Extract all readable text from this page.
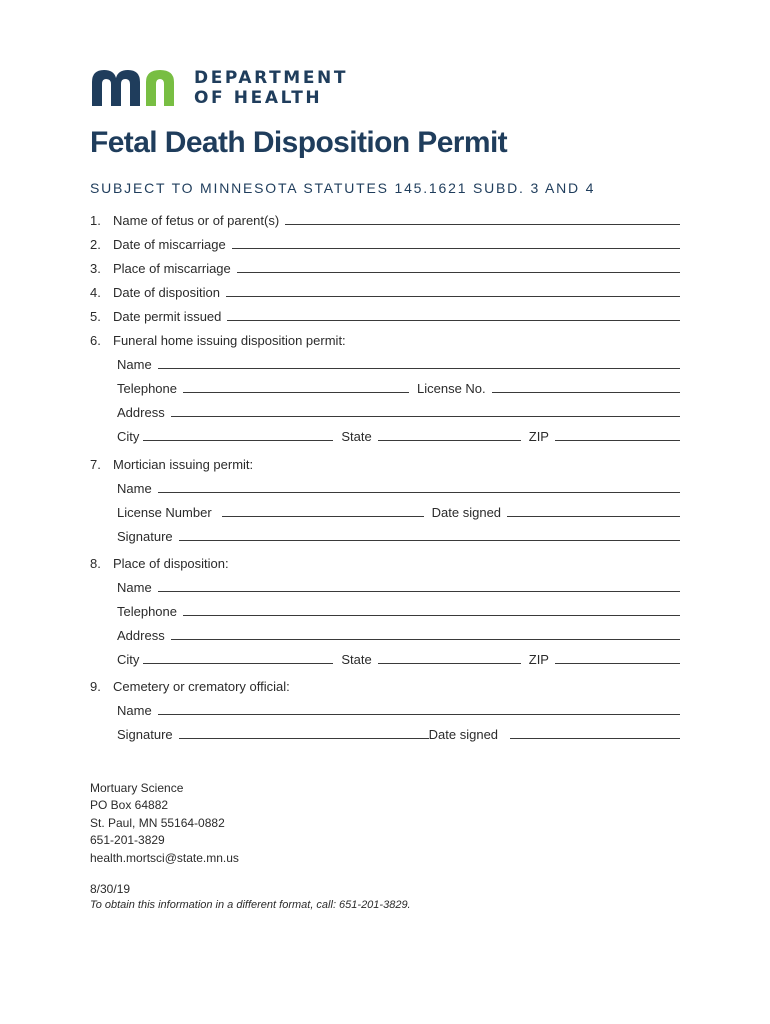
DEPARTMENT
OF HEALTH
Fetal Death Disposition Permit
SUBJECT TO MINNESOTA STATUTES 145.1621 SUBD. 3 AND 4
1. Name of fetus or of parent(s)
2. Date of miscarriage
3. Place of miscarriage
4. Date of disposition
5. Date permit issued
6. Funeral home issuing disposition permit:
Name
Telephone	License No.
Address
City	State	ZIP
7. Mortician issuing permit:
Name
License Number	Date signed
Signature
8. Place of disposition:
Name
Telephone
Address
City	State	ZIP
9. Cemetery or crematory official:
Name
Signature	Date signed
Mortuary Science
PO Box 64882
St. Paul, MN 55164-0882
651-201-3829
health.mortsci@state.mn.us
8/30/19
To obtain this information in a different format, call: 651-201-3829.
